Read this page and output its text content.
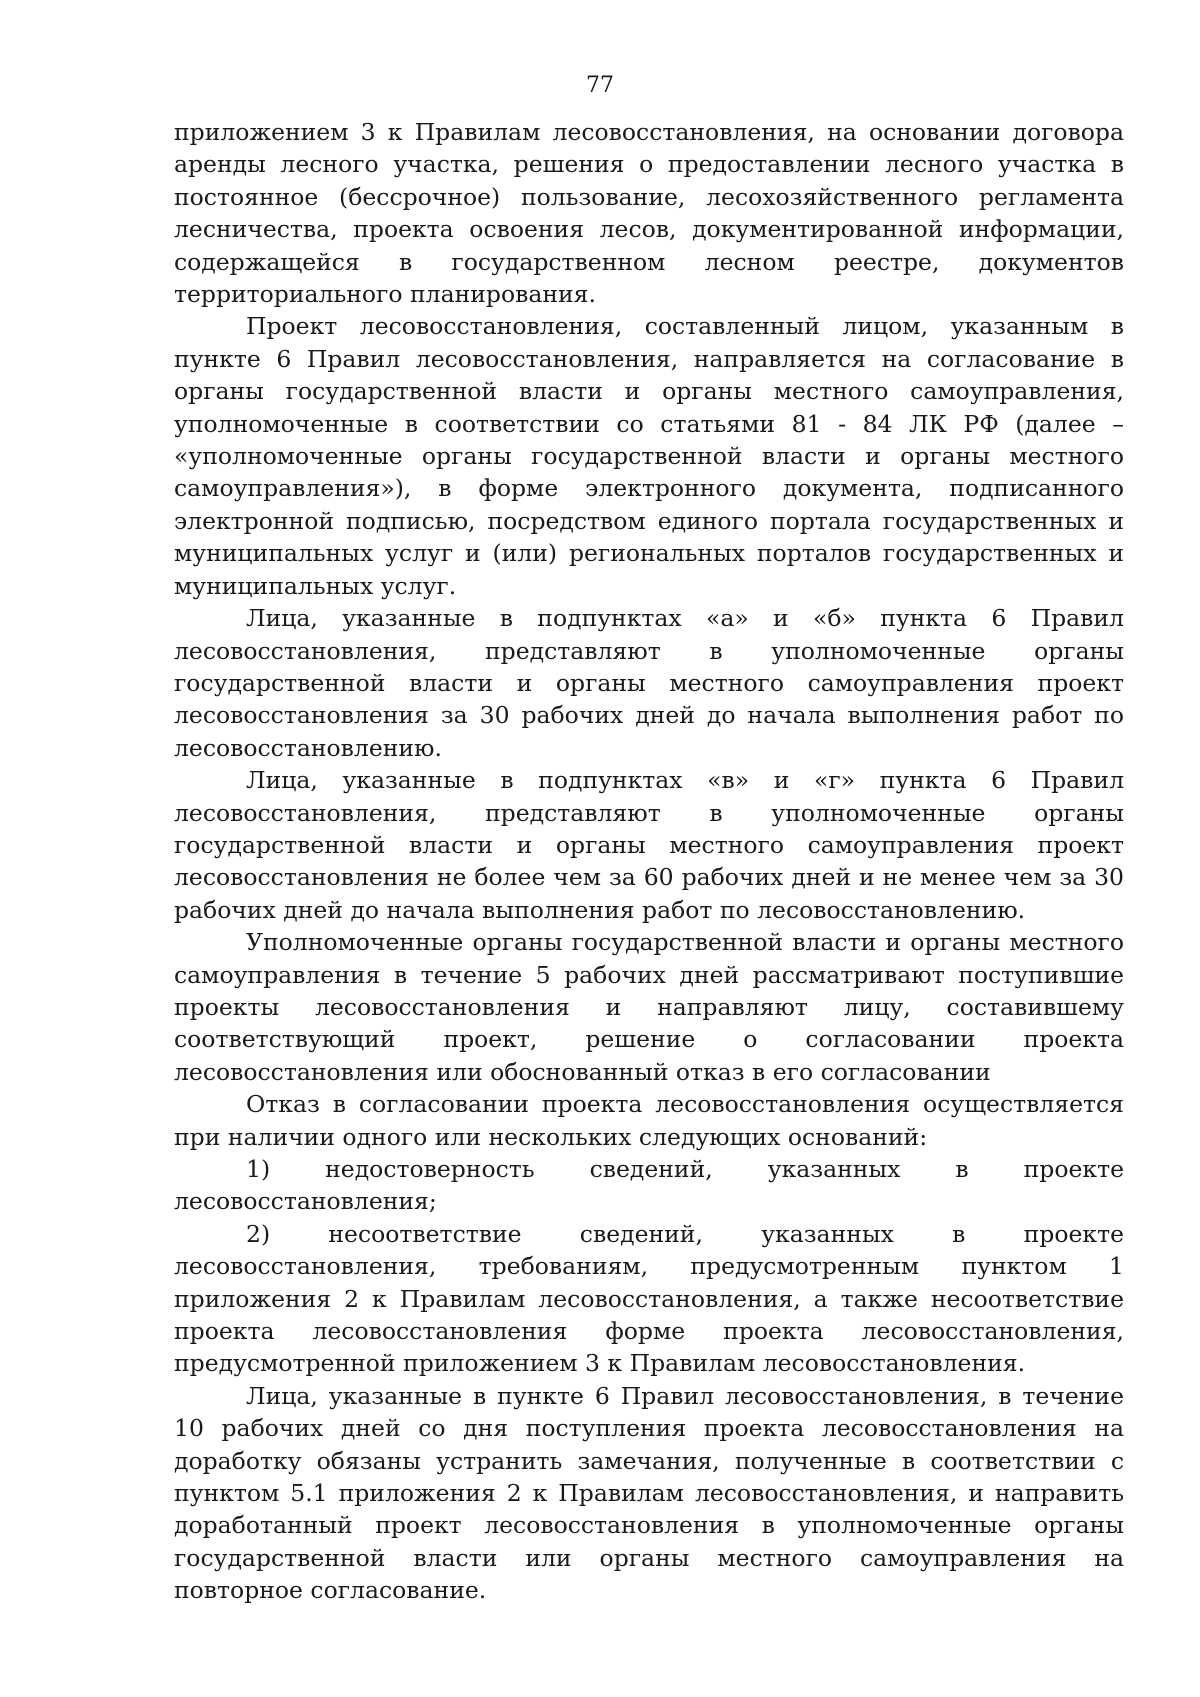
77

приложением 3 к Правилам лесовосстановления, на основании договора аренды лесного участка, решения о предоставлении лесного участка в постоянное (бессрочное) пользование, лесохозяйственного регламента лесничества, проекта освоения лесов, документированной информации, содержащейся в государственном лесном реестре, документов территориального планирования.

Проект лесовосстановления, составленный лицом, указанным в пункте 6 Правил лесовосстановления, направляется на согласование в органы государственной власти и органы местного самоуправления, уполномоченные в соответствии со статьями 81 - 84 ЛК РФ (далее – «уполномоченные органы государственной власти и органы местного самоуправления»), в форме электронного документа, подписанного электронной подписью, посредством единого портала государственных и муниципальных услуг и (или) региональных порталов государственных и муниципальных услуг.

Лица, указанные в подпунктах «а» и «б» пункта 6 Правил лесовосстановления, представляют в уполномоченные органы государственной власти и органы местного самоуправления проект лесовосстановления за 30 рабочих дней до начала выполнения работ по лесовосстановлению.

Лица, указанные в подпунктах «в» и «г» пункта 6 Правил лесовосстановления, представляют в уполномоченные органы государственной власти и органы местного самоуправления проект лесовосстановления не более чем за 60 рабочих дней и не менее чем за 30 рабочих дней до начала выполнения работ по лесовосстановлению.

Уполномоченные органы государственной власти и органы местного самоуправления в течение 5 рабочих дней рассматривают поступившие проекты лесовосстановления и направляют лицу, составившему соответствующий проект, решение о согласовании проекта лесовосстановления или обоснованный отказ в его согласовании

Отказ в согласовании проекта лесовосстановления осуществляется при наличии одного или нескольких следующих оснований:

1) недостоверность сведений, указанных в проекте лесовосстановления;

2) несоответствие сведений, указанных в проекте лесовосстановления, требованиям, предусмотренным пунктом 1 приложения 2 к Правилам лесовосстановления, а также несоответствие проекта лесовосстановления форме проекта лесовосстановления, предусмотренной приложением 3 к Правилам лесовосстановления.

Лица, указанные в пункте 6 Правил лесовосстановления, в течение 10 рабочих дней со дня поступления проекта лесовосстановления на доработку обязаны устранить замечания, полученные в соответствии с пунктом 5.1 приложения 2 к Правилам лесовосстановления, и направить доработанный проект лесовосстановления в уполномоченные органы государственной власти или органы местного самоуправления на повторное согласование.
